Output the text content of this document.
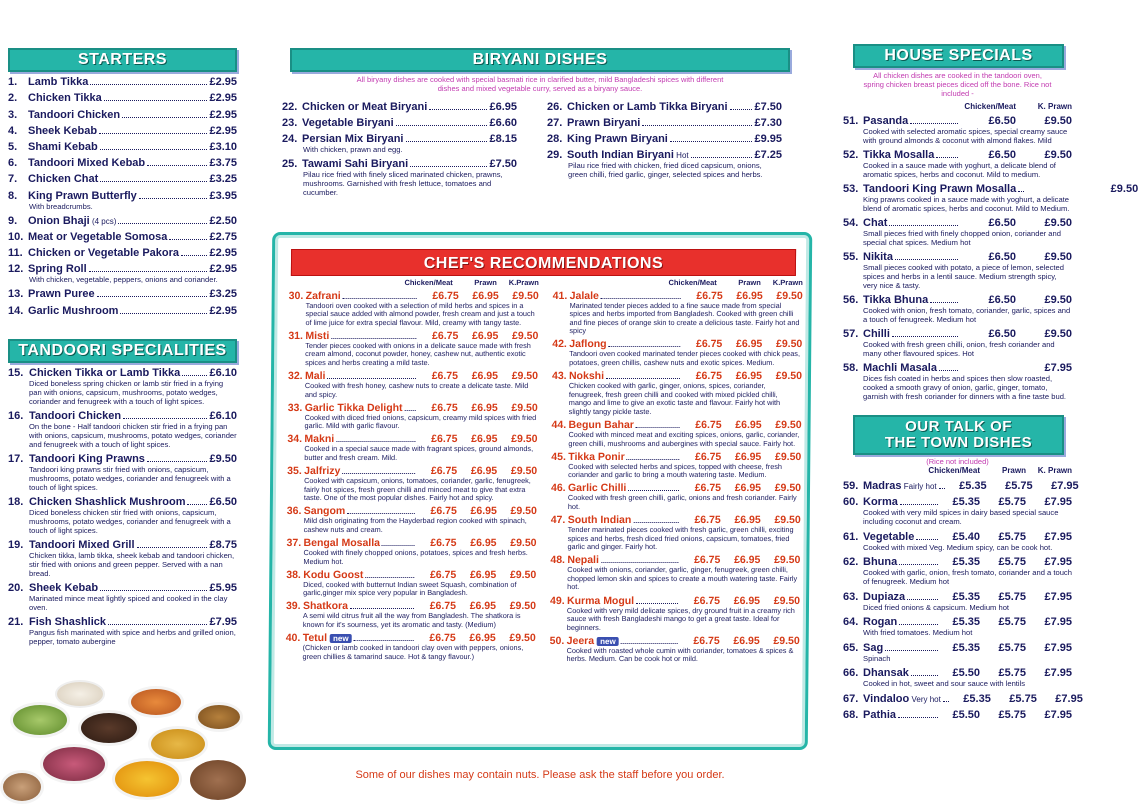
STARTERS
1. Lamb Tikka	£2.95
2. Chicken Tikka	£2.95
3. Tandoori Chicken	£2.95
4. Sheek Kebab	£2.95
5. Shami Kebab	£3.10
6. Tandoori Mixed Kebab	£3.75
7. Chicken Chat	£3.25
8. King Prawn Butterfly	£3.95
With breadcrumbs.
9. Onion Bhaji (4 pcs)	£2.50
10. Meat or Vegetable Somosa	£2.75
11. Chicken or Vegetable Pakora	£2.95
12. Spring Roll	£2.95
With chicken, vegetable, peppers, onions and coriander.
13. Prawn Puree	£3.25
14. Garlic Mushroom	£2.95
TANDOORI SPECIALITIES
15. Chicken Tikka or Lamb Tikka	£6.10
Diced boneless spring chicken or lamb stir fried in a frying pan with onions, capsicum, mushrooms, potato wedges, coriander and fenugreek with a touch of light spices.
16. Tandoori Chicken	£6.10
On the bone - Half tandoori chicken stir fried in a frying pan with onions, capsicum, mushrooms, potato wedges, coriander and fenugreek with a touch of light spices.
17. Tandoori King Prawns	£9.50
Tandoori king prawns stir fried with onions, capsicum, mushrooms, potato wedges, coriander and fenugreek with a touch of light spices.
18. Chicken Shashlick Mushroom £6.50
Diced boneless chicken stir fried with onions, capsicum, mushrooms, potato wedges, coriander and fenugreek with a touch of light spices.
19. Tandoori Mixed Grill	£8.75
Chicken tikka, lamb tikka, sheek kebab and tandoori chicken, stir fried with onions and green pepper. Served with a nan bread.
20. Sheek Kebab	£5.95
Marinated mince meat lightly spiced and cooked in the clay oven.
21. Fish Shashlick	£7.95
Pangus fish marinated with spice and herbs and grilled onion, pepper, tomato aubergine
BIRYANI DISHES
All biryany dishes are cooked with special basmati rice in clarified butter, mild Bangladeshi spices with different dishes and mixed vegetable curry, served as a biryany sauce.
22. Chicken or Meat Biryani	£6.95
23. Vegetable Biryani	£6.60
24. Persian Mix Biryani	£8.15
With chicken, prawn and egg.
25. Tawami Sahi Biryani	£7.50
Pilau rice fried with finely sliced marinated chicken, prawns, mushrooms. Garnished with fresh lettuce, tomatoes and cucumber.
26. Chicken or Lamb Tikka Biryani £7.50
27. Prawn Biryani	£7.30
28. King Prawn Biryani	£9.95
29. South Indian Biryani Hot	£7.25
Pilau rice fried with chicken, fried diced capsicum, onions, green chilli, fried garlic, ginger, selected spices and herbs.
CHEF'S RECOMMENDATIONS
Chicken/Meat	Prawn	K.Prawn
30. Zafrani	£6.75	£6.95	£9.50
Tandoori oven cooked with a selection of mild herbs and spices in a special sauce added with almond powder, fresh cream and just a touch of lime juice for extra special flavour. Mild, creamy with tangy taste.
31. Misti	£6.75	£6.95	£9.50
Tender pieces cooked with onions in a delicate sauce made with fresh cream almond, coconut powder, honey, cashew nut, authentic exotic spices and herbs creating a mild taste.
32. Mali	£6.75	£6.95	£9.50
Cooked with fresh honey, cashew nuts to create a delicate taste. Mild and spicy.
33. Garlic Tikka Delight	£6.75	£6.95	£9.50
Cooked with diced fried onions, capsicum, creamy mild spices with fried garlic. Mild with garlic flavour.
34. Makni	£6.75	£6.95	£9.50
Cooked in a special sauce made with fragrant spices, ground almonds, butter and fresh cream. Mild.
35. Jalfrizy	£6.75	£6.95	£9.50
Cooked with capsicum, onions, tomatoes, coriander, garlic, fenugreek, fairly hot spices, fresh green chilli and minced meat to give that extra taste. One of the most popular dishes. Fairly hot and spicy.
36. Sangom	£6.75	£6.95	£9.50
Mild dish originating from the Hayderbad region cooked with spinach, cashew nuts and cream.
37. Bengal Mosalla	£6.75	£6.95	£9.50
Cooked with finely chopped onions, potatoes, spices and fresh herbs. Medium hot.
38. Kodu Goost	£6.75	£6.95	£9.50
Diced, cooked with butternut Indian sweet Squash, combination of garlic,ginger mix spice very popular in Bangladesh.
39. Shatkora	£6.75	£6.95	£9.50
A semi wild citrus fruit all the way from Bangladesh. The shatkora is known for it's sourness, yet its aromatic and tasty. (Medium)
40. Tetul new	£6.75	£6.95	£9.50
(Chicken or lamb cooked in tandoori clay oven with peppers, onions, green chillies & tamarind sauce. Hot & tangy flavour.)
Chicken/Meat	Prawn	K.Prawn
41. Jalale	£6.75	£6.95	£9.50
Marinated tender pieces added to a fine sauce made from special spices and herbs imported from Bangladesh. Cooked with green chilli and fine pieces of orange skin to create a delicious taste. Fairly hot and spicy
42. Jaflong	£6.75	£6.95	£9.50
Tandoori oven cooked marinated tender pieces cooked with chick peas, potatoes, green chillis, cashew nuts and exotic spices. Medium.
43. Nokshi	£6.75	£6.95	£9.50
Chicken cooked with garlic, ginger, onions, spices, coriander, fenugreek, fresh green chilli and cooked with mixed pickled chilli, mango and lime to give an exotic taste and flavour. Fairly hot with slightly tangy pickle taste.
44. Begun Bahar	£6.75	£6.95	£9.50
Cooked with minced meat and exciting spices, onions, garlic, coriander, green chilli, mushrooms and aubergines with special sauce. Fairly hot.
45. Tikka Ponir	£6.75	£6.95	£9.50
Cooked with selected herbs and spices, topped with cheese, fresh coriander and garlic to bring a mouth watering taste. Medium.
46. Garlic Chilli	£6.75	£6.95	£9.50
Cooked with fresh green chilli, garlic, onions and fresh coriander. Fairly hot.
47. South Indian	£6.75	£6.95	£9.50
Tender marinated pieces cooked with fresh garlic, green chilli, exciting spices and herbs, fresh diced fried onions, capsicum, tomatoes, fried garlic and ginger. Fairly hot.
48. Nepali	£6.75	£6.95	£9.50
Cooked with onions, coriander, garlic, ginger, fenugreek, green chilli, chopped lemon skin and spices to create a mouth watering taste. Fairly hot.
49. Kurma Mogul	£6.75	£6.95	£9.50
Cooked with very mild delicate spices, dry ground fruit in a creamy rich sauce with fresh Bangladeshi mango to get a great taste. Ideal for beginners.
50. Jeera new	£6.75	£6.95	£9.50
Cooked with roasted whole cumin with coriander, tomatoes & spices & herbs. Medium. Can be cook hot or mild.
Some of our dishes may contain nuts. Please ask the staff before you order.
HOUSE SPECIALS
All chicken dishes are cooked in the tandoori oven, spring chicken breast pieces diced off the bone. Rice not included -
Chicken/Meat	K. Prawn
51. Pasanda	£6.50	£9.50
Cooked with selected aromatic spices, special creamy sauce with ground almonds & coconut with almond flakes. Mild
52. Tikka Mosalla	£6.50	£9.50
Cooked in a sauce made with yoghurt, a delicate blend of aromatic spices, herbs and coconut. Mild to medium.
53. Tandoori King Prawn Mosalla	£9.50
King prawns cooked in a sauce made with yoghurt, a delicate blend of aromatic spices, herbs and coconut. Mild to Medium.
54. Chat	£6.50	£9.50
Small pieces fried with finely chopped onion, coriander and special chat spices. Medium hot
55. Nikita	£6.50	£9.50
Small pieces cooked with potato, a piece of lemon, selected spices and herbs in a lentil sauce. Medium strength spicy, very nice & tasty.
56. Tikka Bhuna	£6.50	£9.50
Cooked with onion, fresh tomato, coriander, garlic, spices and a touch of fenugreek. Medium hot
57. Chilli	£6.50	£9.50
Cooked with fresh green chilli, onion, fresh coriander and many other flavoured spices. Hot
58. Machli Masala	£7.95
Dices fish coated in herbs and spices then slow roasted, cooked a smooth gravy of onion, garlic, ginger, tomato, garnish with fresh coriander for dinners with a fine taste bud.
OUR TALK OF
THE TOWN DISHES
(Rice not included)
Chicken/Meat	Prawn	K. Prawn
59. Madras Fairly hot	£5.35	£5.75	£7.95
60. Korma	£5.35	£5.75	£7.95
Cooked with very mild spices in dairy based special sauce including coconut and cream.
61. Vegetable	£5.40	£5.75	£7.95
Cooked with mixed Veg. Medium spicy, can be cook hot.
62. Bhuna	£5.35	£5.75	£7.95
Cooked with garlic, onion, fresh tomato, coriander and a touch of fenugreek. Medium hot
63. Dupiaza	£5.35	£5.75	£7.95
Diced fried onions & capsicum. Medium hot
64. Rogan	£5.35	£5.75	£7.95
With fried tomatoes. Medium hot
65. Sag	£5.35	£5.75	£7.95
Spinach
66. Dhansak	£5.50	£5.75	£7.95
Cooked in hot, sweet and sour sauce with lentils
67. Vindaloo Very hot	£5.35	£5.75	£7.95
68. Pathia	£5.50	£5.75	£7.95
